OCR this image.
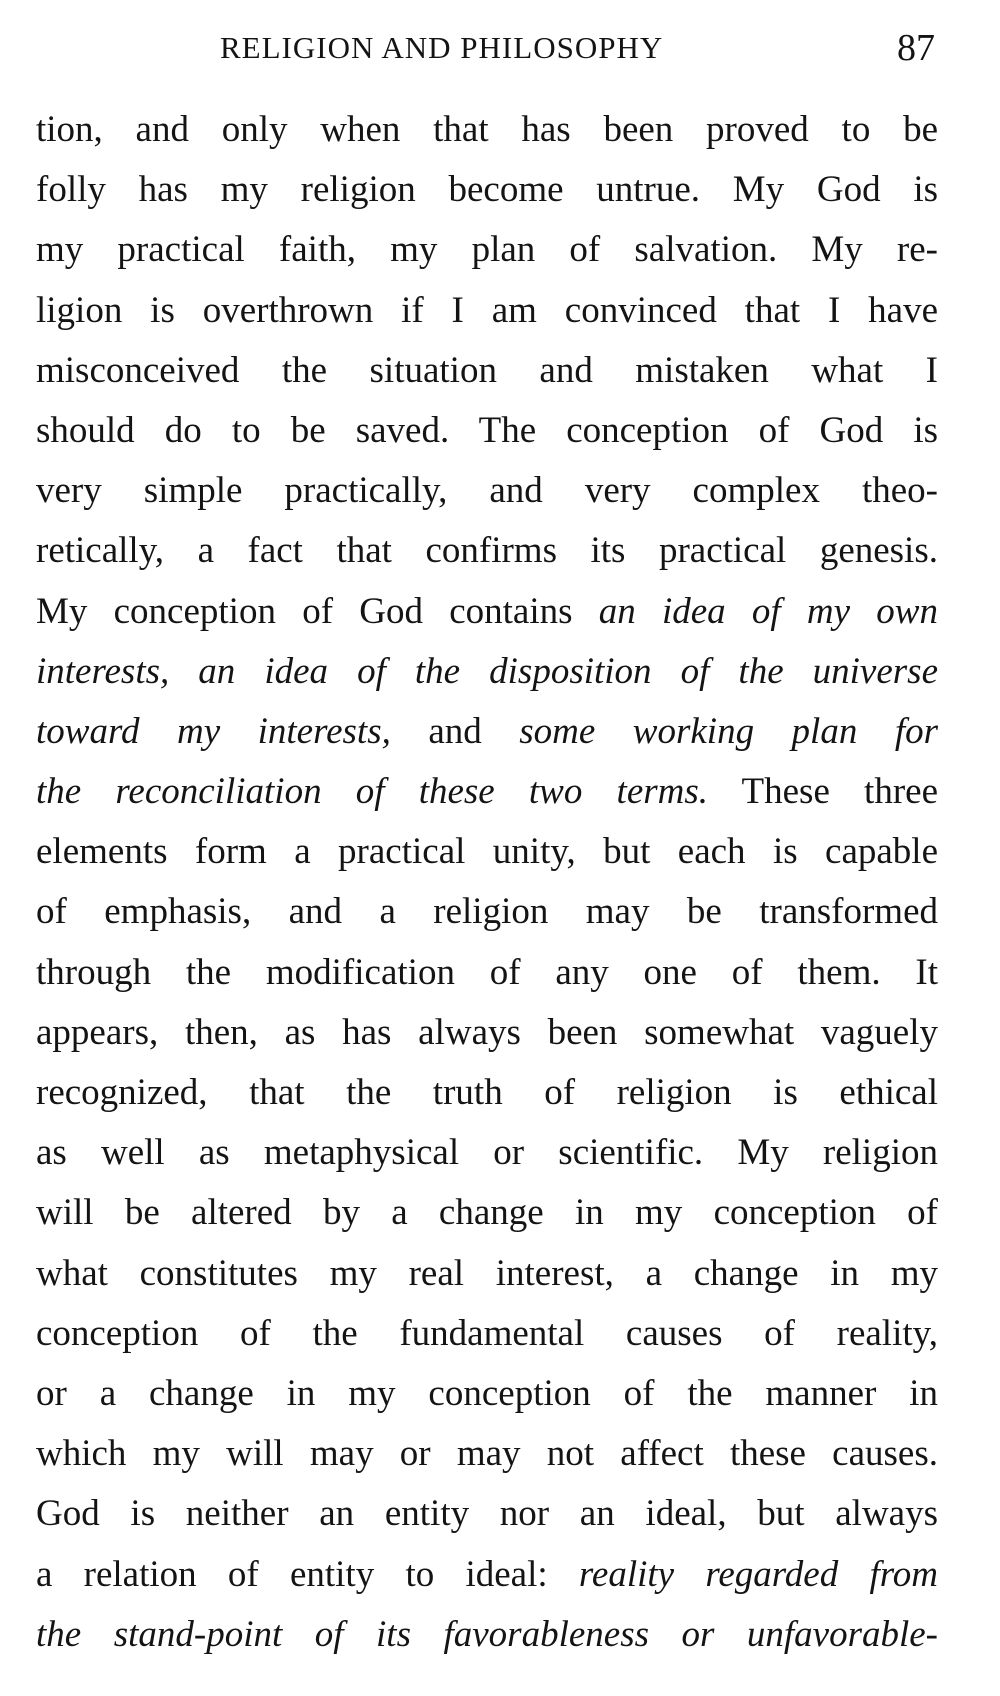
RELIGION AND PHILOSOPHY	87
tion, and only when that has been proved to be
folly has my religion become untrue. My God is
my practical faith, my plan of salvation. My re-
ligion is overthrown if I am convinced that I have
misconceived the situation and mistaken what I
should do to be saved. The conception of God is
very simple practically, and very complex theo-
retically, a fact that confirms its practical genesis.
My conception of God contains an idea of my own
interests, an idea of the disposition of the universe
toward my interests, and some working plan for
the reconciliation of these two terms. These three
elements form a practical unity, but each is capable
of emphasis, and a religion may be transformed
through the modification of any one of them. It
appears, then, as has always been somewhat vaguely
recognized, that the truth of religion is ethical
as well as metaphysical or scientific. My religion
will be altered by a change in my conception of
what constitutes my real interest, a change in my
conception of the fundamental causes of reality,
or a change in my conception of the manner in
which my will may or may not affect these causes.
God is neither an entity nor an ideal, but always
a relation of entity to ideal: reality regarded from
the stand-point of its favorableness or unfavorable-
